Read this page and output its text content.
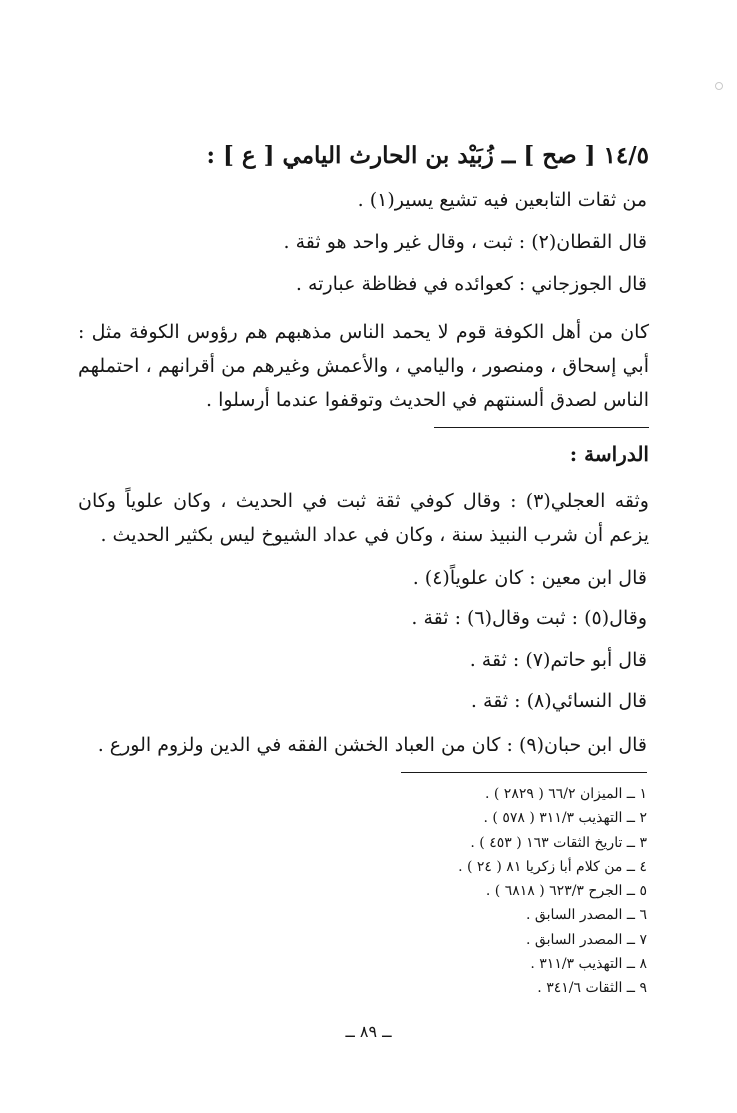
١٤/٥ [ صح ] ــ زُبَيْد بن الحارث اليامي [ ع ] :
من ثقات التابعين فيه تشيع يسير(١) .
قال القطان(٢) : ثبت ، وقال غير واحد هو ثقة .
قال الجوزجاني : كعوائده في فظاظة عبارته .
كان من أهل الكوفة قوم لا يحمد الناس مذهبهم هم رؤوس الكوفة مثل : أبي إسحاق ، ومنصور ، واليامي ، والأعمش وغيرهم من أقرانهم ، احتملهم الناس لصدق ألسنتهم في الحديث وتوقفوا عندما أرسلوا .
الدراسة :
وثقه العجلي(٣) : وقال كوفي ثقة ثبت في الحديث ، وكان علوياً وكان يزعم أن شرب النبيذ سنة ، وكان في عداد الشيوخ ليس بكثير الحديث .
قال ابن معين : كان علوياً(٤) .
وقال(٥) : ثبت وقال(٦) : ثقة .
قال أبو حاتم(٧) : ثقة .
قال النسائي(٨) : ثقة .
قال ابن حبان(٩) : كان من العباد الخشن الفقه في الدين ولزوم الورع .
١ ــ الميزان ٦٦/٢ ( ٢٨٢٩ ) .
٢ ــ التهذيب ٣١١/٣ ( ٥٧٨ ) .
٣ ــ تاريخ الثقات ١٦٣ ( ٤٥٣ ) .
٤ ــ من كلام أبا زكريا ٨١ ( ٢٤ ) .
٥ ــ الجرح ٦٢٣/٣ ( ٦٨١٨ ) .
٦ ــ المصدر السابق .
٧ ــ المصدر السابق .
٨ ــ التهذيب ٣١١/٣ .
٩ ــ الثقات ٣٤١/٦ .
ــ ٨٩ ــ
